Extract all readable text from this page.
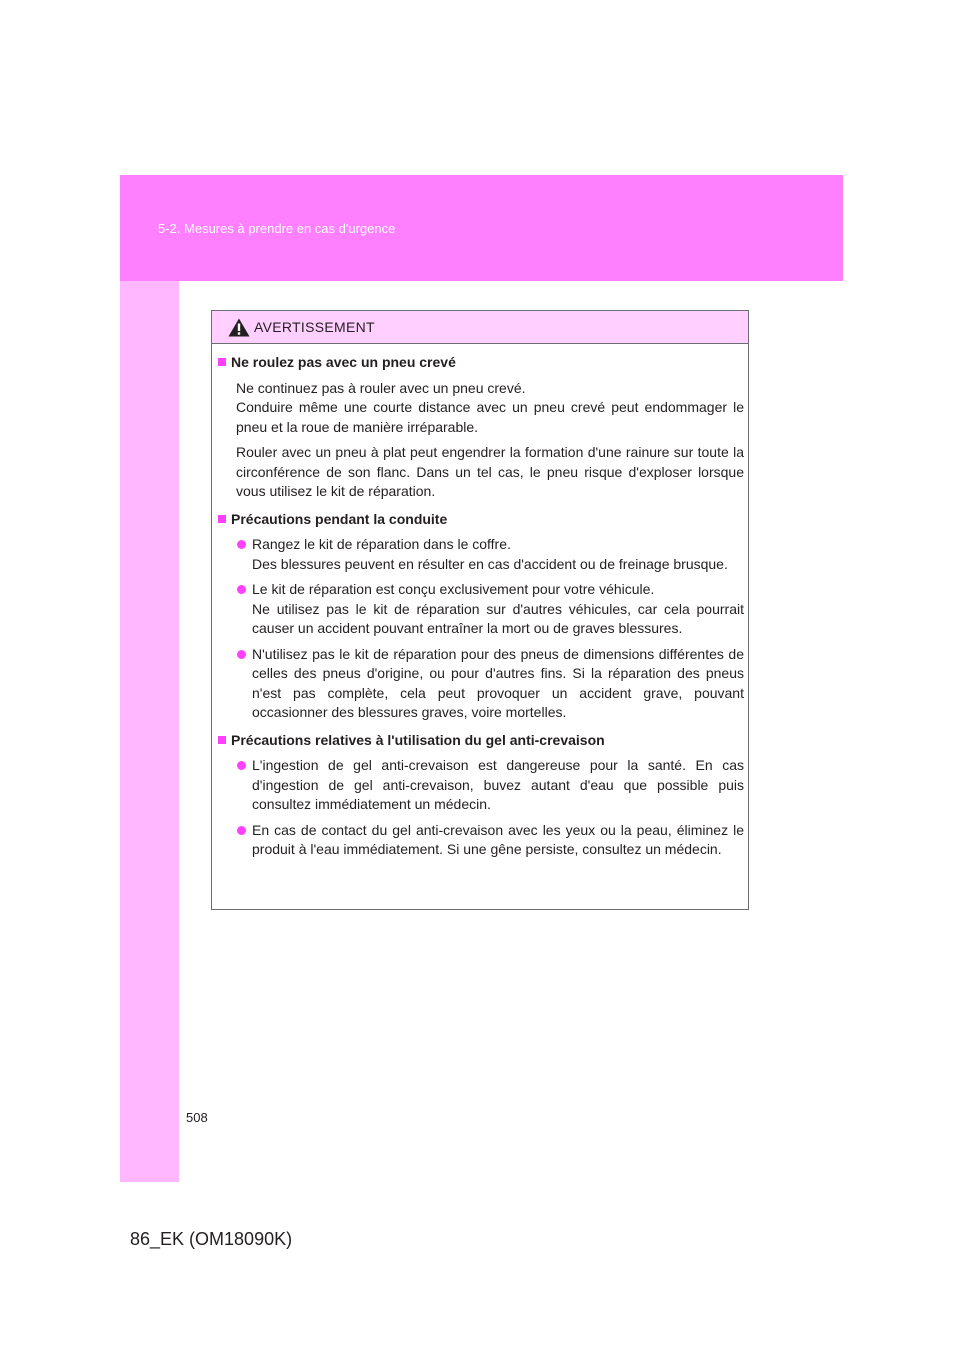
5-2. Mesures à prendre en cas d'urgence
AVERTISSEMENT
Ne roulez pas avec un pneu crevé
Ne continuez pas à rouler avec un pneu crevé.
Conduire même une courte distance avec un pneu crevé peut endommager le pneu et la roue de manière irréparable.
Rouler avec un pneu à plat peut engendrer la formation d'une rainure sur toute la circonférence de son flanc. Dans un tel cas, le pneu risque d'exploser lorsque vous utilisez le kit de réparation.
Précautions pendant la conduite
Rangez le kit de réparation dans le coffre.
Des blessures peuvent en résulter en cas d'accident ou de freinage brusque.
Le kit de réparation est conçu exclusivement pour votre véhicule.
Ne utilisez pas le kit de réparation sur d'autres véhicules, car cela pourrait causer un accident pouvant entraîner la mort ou de graves blessures.
N'utilisez pas le kit de réparation pour des pneus de dimensions différentes de celles des pneus d'origine, ou pour d'autres fins. Si la réparation des pneus n'est pas complète, cela peut provoquer un accident grave, pouvant occasionner des blessures graves, voire mortelles.
Précautions relatives à l'utilisation du gel anti-crevaison
L'ingestion de gel anti-crevaison est dangereuse pour la santé. En cas d'ingestion de gel anti-crevaison, buvez autant d'eau que possible puis consultez immédiatement un médecin.
En cas de contact du gel anti-crevaison avec les yeux ou la peau, éliminez le produit à l'eau immédiatement. Si une gêne persiste, consultez un médecin.
508
86_EK (OM18090K)
